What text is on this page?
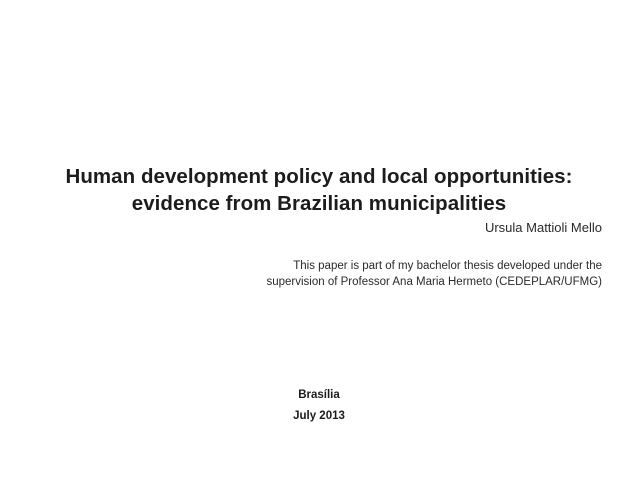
Human development policy and local opportunities:
evidence from Brazilian municipalities

Ursula Mattioli Mello

This paper is part of my bachelor thesis developed under the
supervision of Professor Ana Maria Hermeto (CEDEPLAR/UFMG)

Brasília
July 2013
